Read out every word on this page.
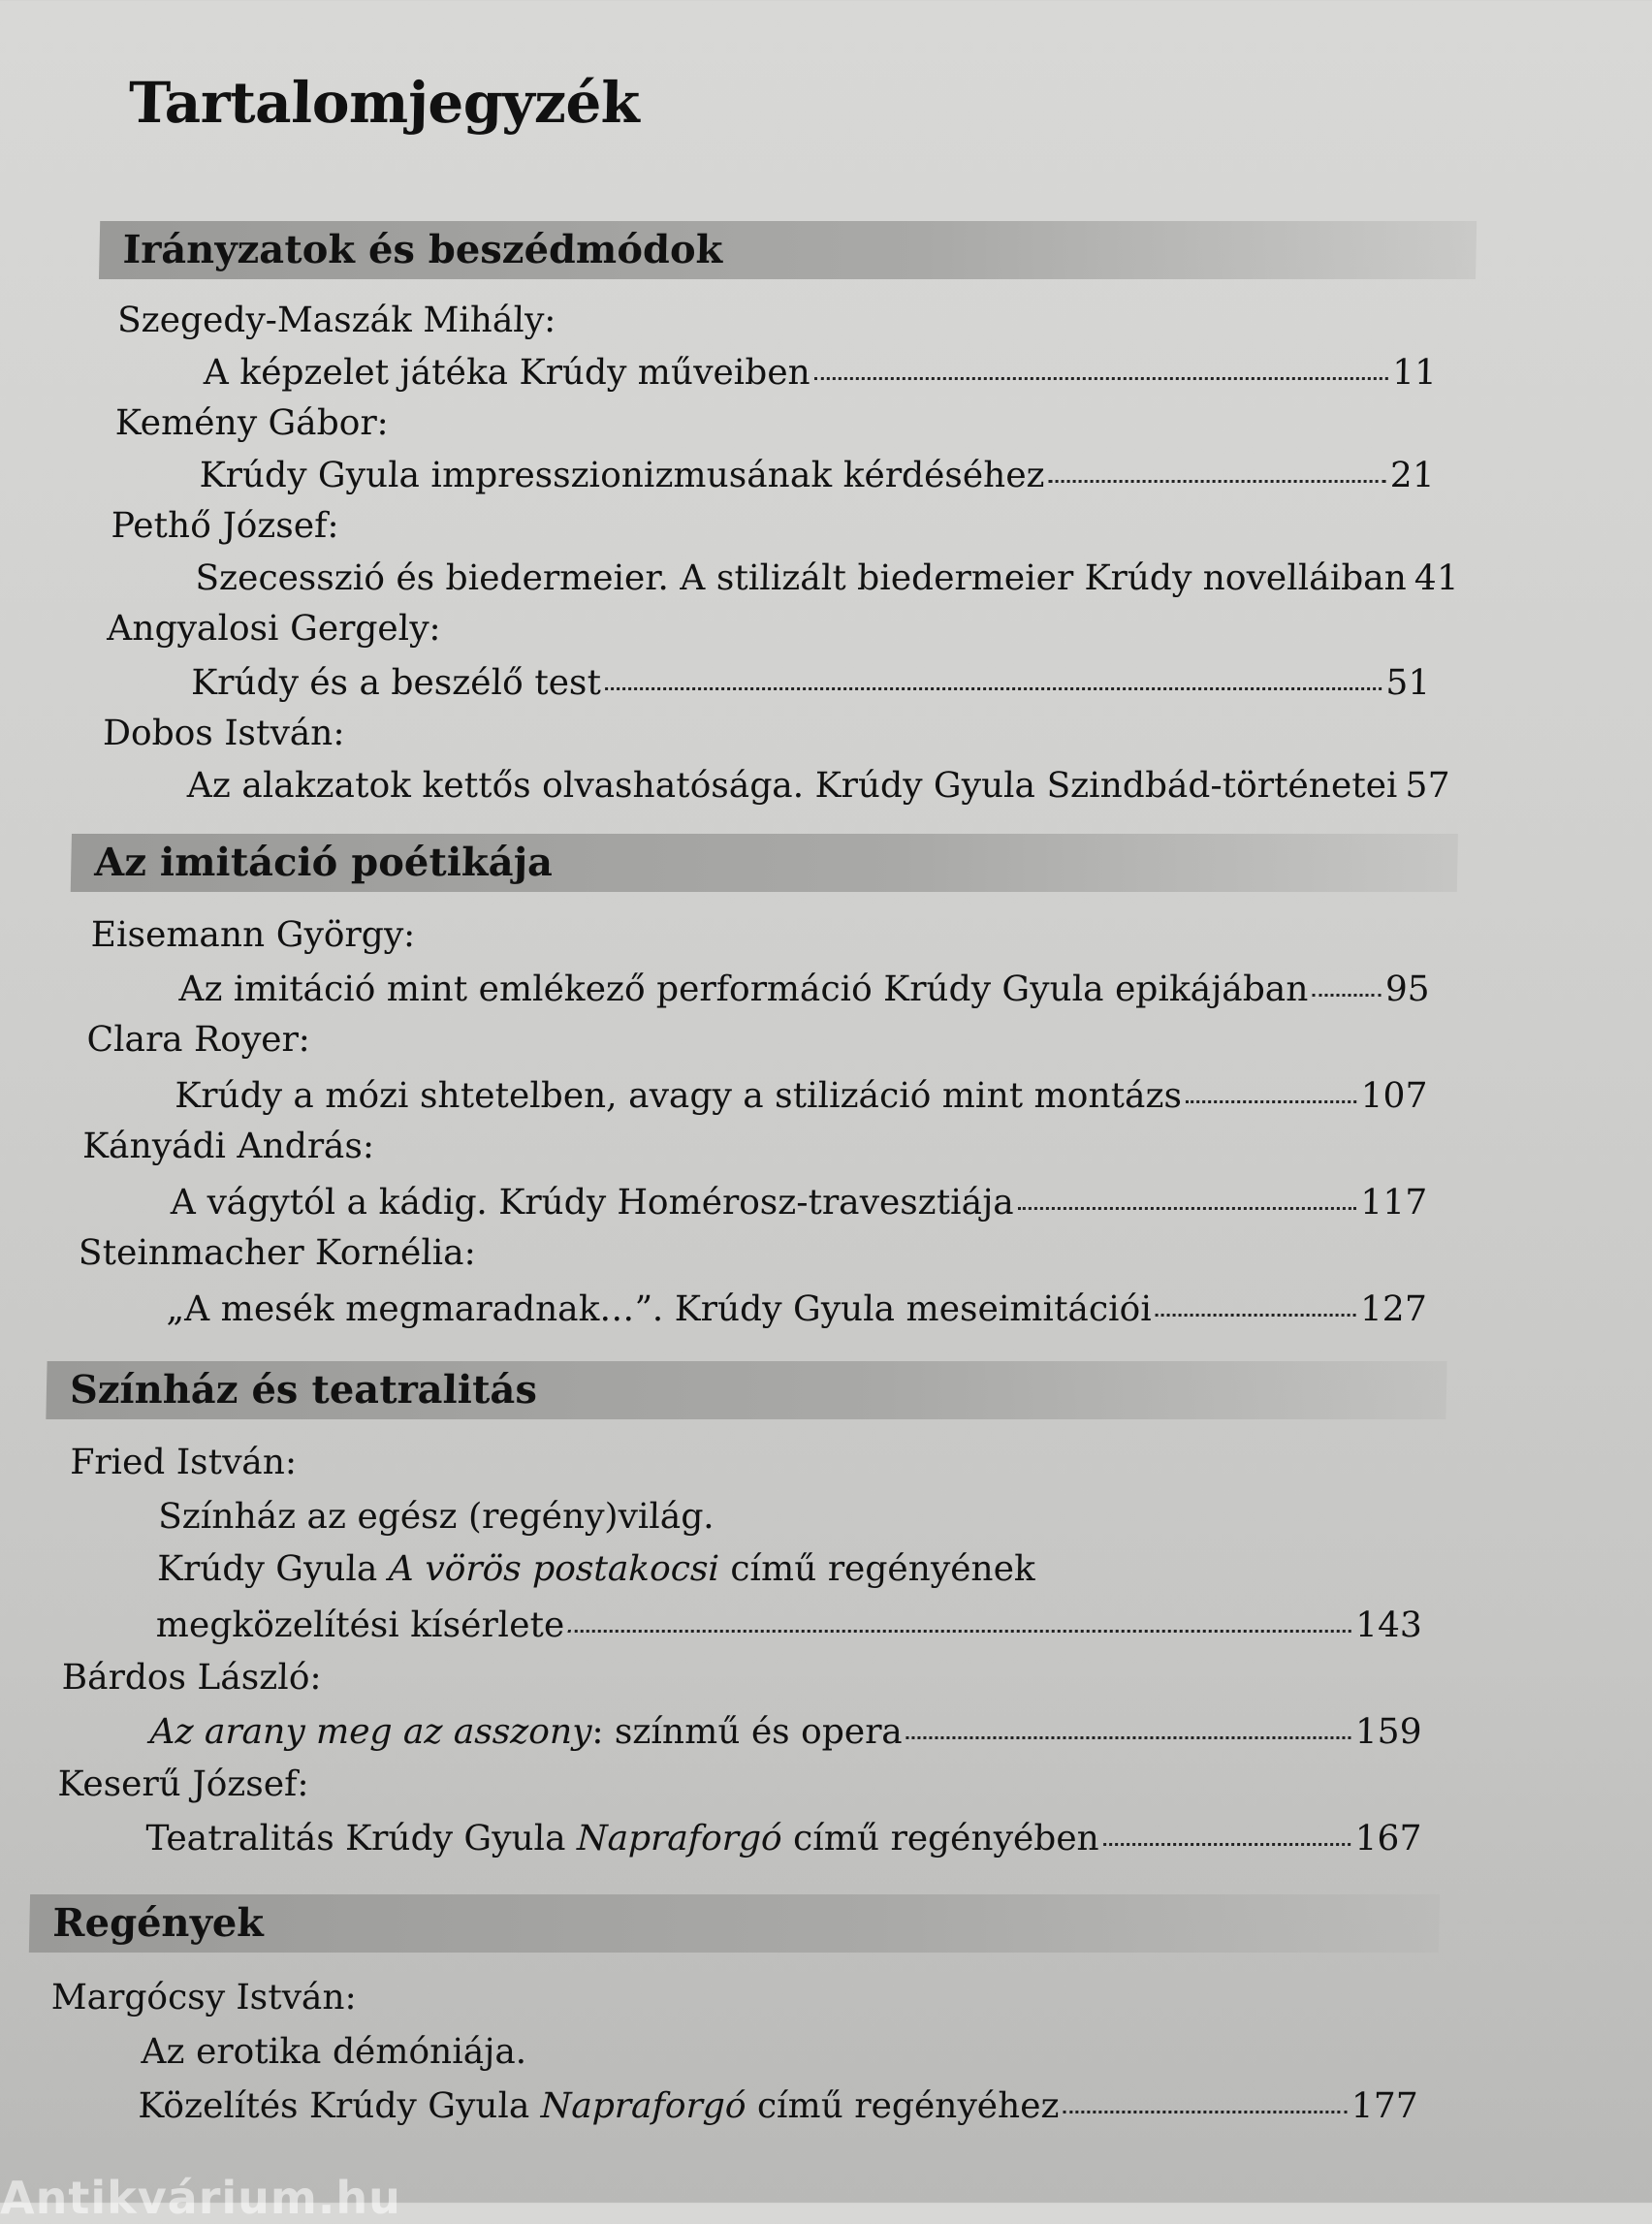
Tartalomjegyzék
Irányzatok és beszédmódok
Szegedy-Maszák Mihály:
A képzelet játéka Krúdy műveiben	11
Kemény Gábor:
Krúdy Gyula impresszionizmusának kérdéséhez	21
Pethő József:
Szecesszió és biedermeier. A stilizált biedermeier Krúdy novelláiban 41
Angyalosi Gergely:
Krúdy és a beszélő test	51
Dobos István:
Az alakzatok kettős olvashatósága. Krúdy Gyula Szindbád-történetei 57
Az imitáció poétikája
Eisemann György:
Az imitáció mint emlékező performáció Krúdy Gyula epikájában 95
Clara Royer:
Krúdy a mózi shtetelben, avagy a stilizáció mint montázs	107
Kányádi András:
A vágytól a kádig. Krúdy Homérosz-travesztiája	117
Steinmacher Kornélia:
„A mesék megmaradnak…”. Krúdy Gyula meseimitációi	127
Színház és teatralitás
Fried István:
Színház az egész (regény)világ.
Krúdy Gyula A vörös postakocsi című regényének
megközelítési kísérlete	143
Bárdos László:
Az arany meg az asszony: színmű és opera	159
Keserű József:
Teatralitás Krúdy Gyula Napraforgó című regényében	167
Regények
Margócsy István:
Az erotika démóniája.
Közelítés Krúdy Gyula Napraforgó című regényéhez	177
Antikvárium.hu
